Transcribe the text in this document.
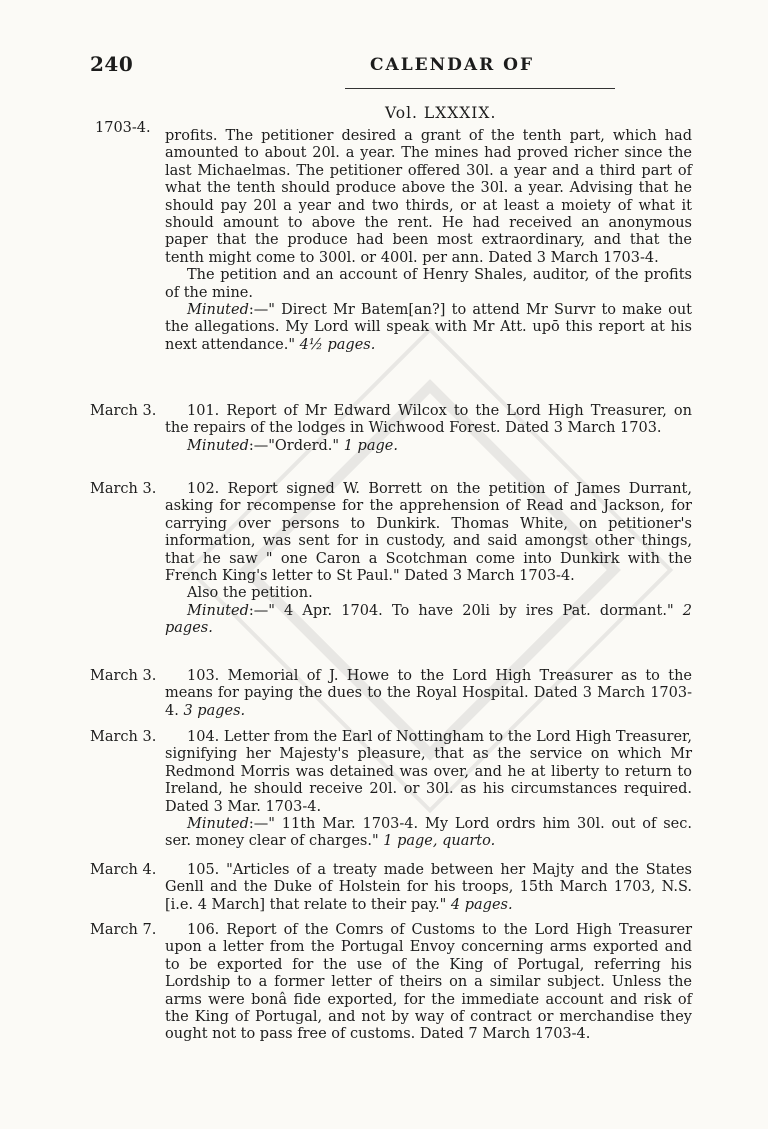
240	CALENDAR OF
Vol. LXXXIX.
1703-4. profits. The petitioner desired a grant of the tenth part, which had amounted to about 20l. a year. The mines had proved richer since the last Michaelmas. The petitioner offered 30l. a year and a third part of what the tenth should produce above the 30l. a year. Advising that he should pay 20l a year and two thirds, or at least a moiety of what it should amount to above the rent. He had received an anonymous paper that the produce had been most extraordinary, and that the tenth might come to 300l. or 400l. per ann. Dated 3 March 1703-4.

The petition and an account of Henry Shales, auditor, of the profits of the mine.

Minuted:—" Direct Mr Batem[an?] to attend Mr Survr to make out the allegations. My Lord will speak with Mr Att. upō this report at his next attendance." 4½ pages.

March 3.	101. Report of Mr Edward Wilcox to the Lord High Treasurer, on the repairs of the lodges in Wichwood Forest. Dated 3 March 1703.

Minuted:—"Orderd." 1 page.

March 3.	102. Report signed W. Borrett on the petition of James Durrant, asking for recompense for the apprehension of Read and Jackson, for carrying over persons to Dunkirk. Thomas White, on petitioner's information, was sent for in custody, and said amongst other things, that he saw " one Caron a Scotchman come into Dunkirk with the French King's letter to St Paul." Dated 3 March 1703-4.

Also the petition.

Minuted:—" 4 Apr. 1704. To have 20li by ires Pat. dormant." 2 pages.

March 3.	103. Memorial of J. Howe to the Lord High Treasurer as to the means for paying the dues to the Royal Hospital. Dated 3 March 1703-4. 3 pages.

March 3.	104. Letter from the Earl of Nottingham to the Lord High Treasurer, signifying her Majesty's pleasure, that as the service on which Mr Redmond Morris was detained was over, and he at liberty to return to Ireland, he should receive 20l. or 30l. as his circumstances required. Dated 3 Mar. 1703-4.

Minuted:—" 11th Mar. 1703-4. My Lord ordrs him 30l. out of sec. ser. money clear of charges." 1 page, quarto.

March 4.	105. "Articles of a treaty made between her Majty and the States Genll and the Duke of Holstein for his troops, 15th March 1703, N.S. [i.e. 4 March] that relate to their pay." 4 pages.

March 7.	106. Report of the Comrs of Customs to the Lord High Treasurer upon a letter from the Portugal Envoy concerning arms exported and to be exported for the use of the King of Portugal, referring his Lordship to a former letter of theirs on a similar subject. Unless the arms were bonâ fide exported, for the immediate account and risk of the King of Portugal, and not by way of contract or merchandise they ought not to pass free of customs. Dated 7 March 1703-4.
